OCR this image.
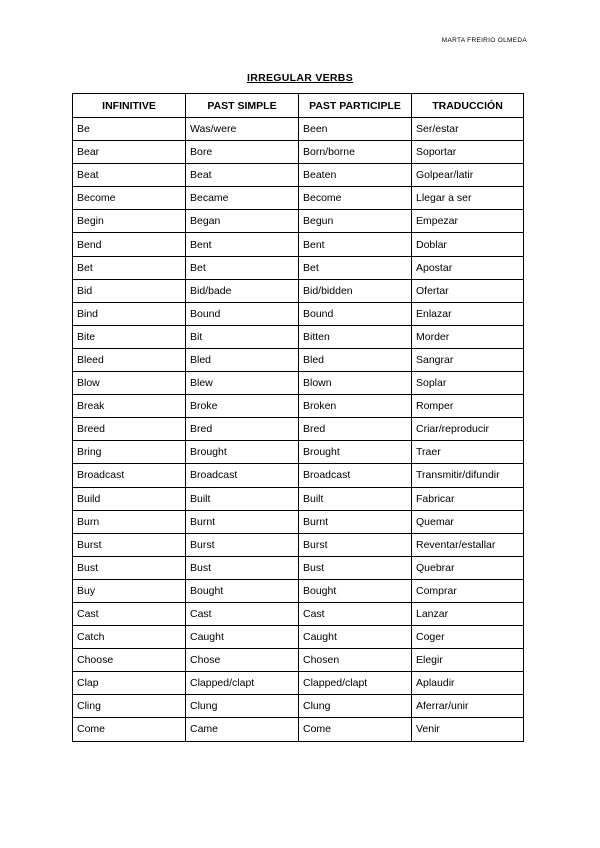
MARTA FREIRIO OLMEDA
IRREGULAR VERBS
INFINITIVE	PAST SIMPLE	PAST PARTICIPLE	TRADUCCIÓN
Be	Was/were	Been	Ser/estar
Bear	Bore	Born/borne	Soportar
Beat	Beat	Beaten	Golpear/latir
Become	Became	Become	Llegar a ser
Begin	Began	Begun	Empezar
Bend	Bent	Bent	Doblar
Bet	Bet	Bet	Apostar
Bid	Bid/bade	Bid/bidden	Ofertar
Bind	Bound	Bound	Enlazar
Bite	Bit	Bitten	Morder
Bleed	Bled	Bled	Sangrar
Blow	Blew	Blown	Soplar
Break	Broke	Broken	Romper
Breed	Bred	Bred	Criar/reproducir
Bring	Brought	Brought	Traer
Broadcast	Broadcast	Broadcast	Transmitir/difundir
Build	Built	Built	Fabricar
Burn	Burnt	Burnt	Quemar
Burst	Burst	Burst	Reventar/estallar
Bust	Bust	Bust	Quebrar
Buy	Bought	Bought	Comprar
Cast	Cast	Cast	Lanzar
Catch	Caught	Caught	Coger
Choose	Chose	Chosen	Elegir
Clap	Clapped/clapt	Clapped/clapt	Aplaudir
Cling	Clung	Clung	Aferrar/unir
Come	Came	Come	Venir
